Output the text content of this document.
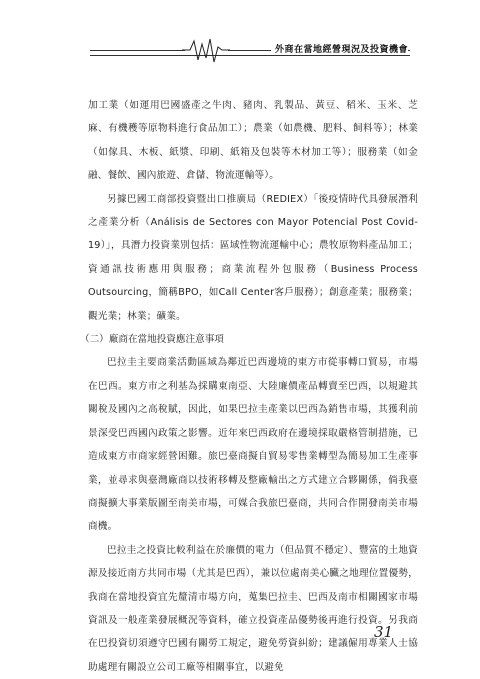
外商在當地經營現況及投資機會

加工業（如運用巴國盛產之牛肉、豬肉、乳製品、黃豆、稻米、玉米、芝麻、有機穫等原物料進行食品加工）；農業（如農機、肥料、飼料等）；林業（如傢具、木板、紙漿、印刷、紙箱及包裝等木材加工等）；服務業（如金融、餐飲、國內旅遊、倉儲、物流運輸等）。

另據巴國工商部投資暨出口推廣局（REDIEX）「後疫情時代具發展潛利之產業分析（Análisis de Sectores con Mayor Potencial Post Covid-19）」，具潛力投資業別包括：區域性物流運輸中心；農牧原物料產品加工；資通訊技術應用與服務；商業流程外包服務（Business Process Outsourcing，簡稱BPO，如Call Center客戶服務）；創意產業；服務業；觀光業；林業；礦業。

（二）廠商在當地投資應注意事項

巴拉圭主要商業活動區域為鄰近巴西邊境的東方市從事轉口貿易，市場在巴西。東方市之利基為採購東南亞、大陸廉價產品轉賣至巴西，以規避其關稅及國內之高稅賦，因此，如果巴拉圭產業以巴西為銷售市場，其獲利前景深受巴西國內政策之影響。近年來巴西政府在邊境採取嚴格管制措施，已造成東方市商家經營困難。旅巴臺商擬自貿易零售業轉型為簡易加工生產事業，並尋求與臺灣廠商以技術移轉及整廠輸出之方式建立合夥關係，倘我臺商擬擴大事業版圖至南美市場，可媒合我旅巴臺商，共同合作開發南美市場商機。

巴拉圭之投資比較利益在於廉價的電力（但品質不穩定）、豐富的土地資源及接近南方共同市場（尤其是巴西），兼以位處南美心臟之地理位置優勢，我商在當地投資宜先釐清市場方向，蒐集巴拉圭、巴西及南市相關國家市場資訊及一般產業發展概況等資料，確立投資產品優勢後再進行投資。另我商在巴投資切須遵守巴國有關勞工規定，避免勞資糾紛；建議僱用專業人士協助處理有關設立公司工廠等相關事宜，以避免

31
